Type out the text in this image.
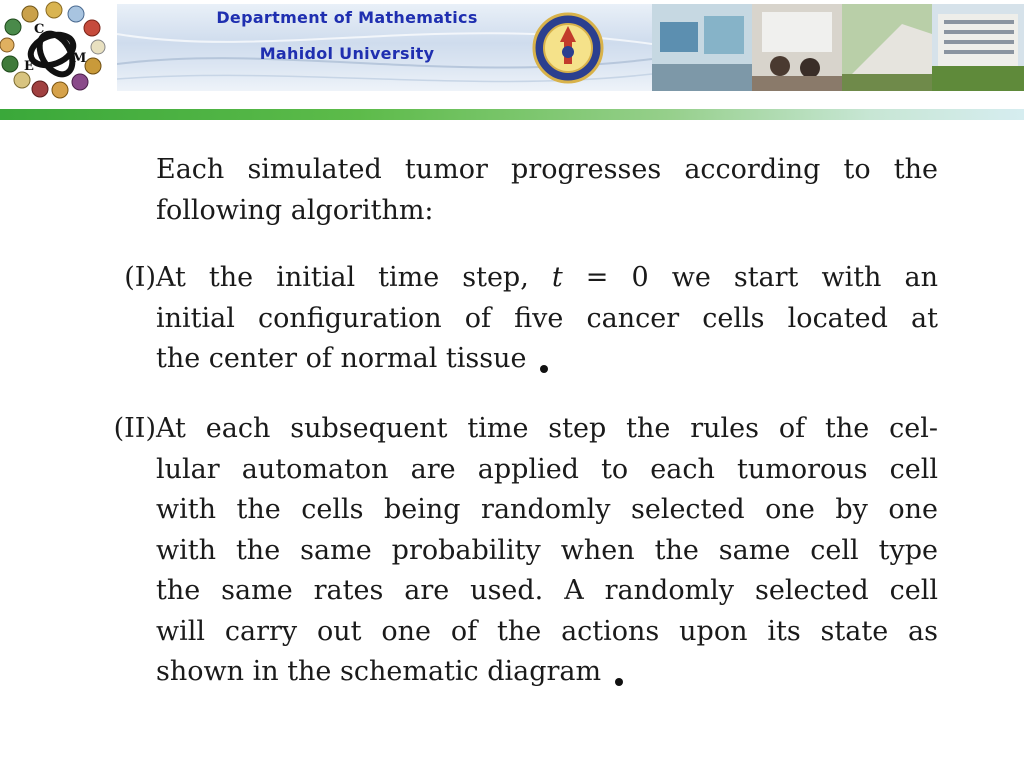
C
E
M
Department of Mathematics
Mahidol University
Each simulated tumor progresses according to the
following algorithm:
(I) At the initial time step, t = 0 we start with an
initial configuration of five cancer cells located at
the center of normal tissue
(II) At each subsequent time step the rules of the cel-
lular automaton are applied to each tumorous cell
with the cells being randomly selected one by one
with the same probability when the same cell type
the same rates are used. A randomly selected cell
will carry out one of the actions upon its state as
shown in the schematic diagram
